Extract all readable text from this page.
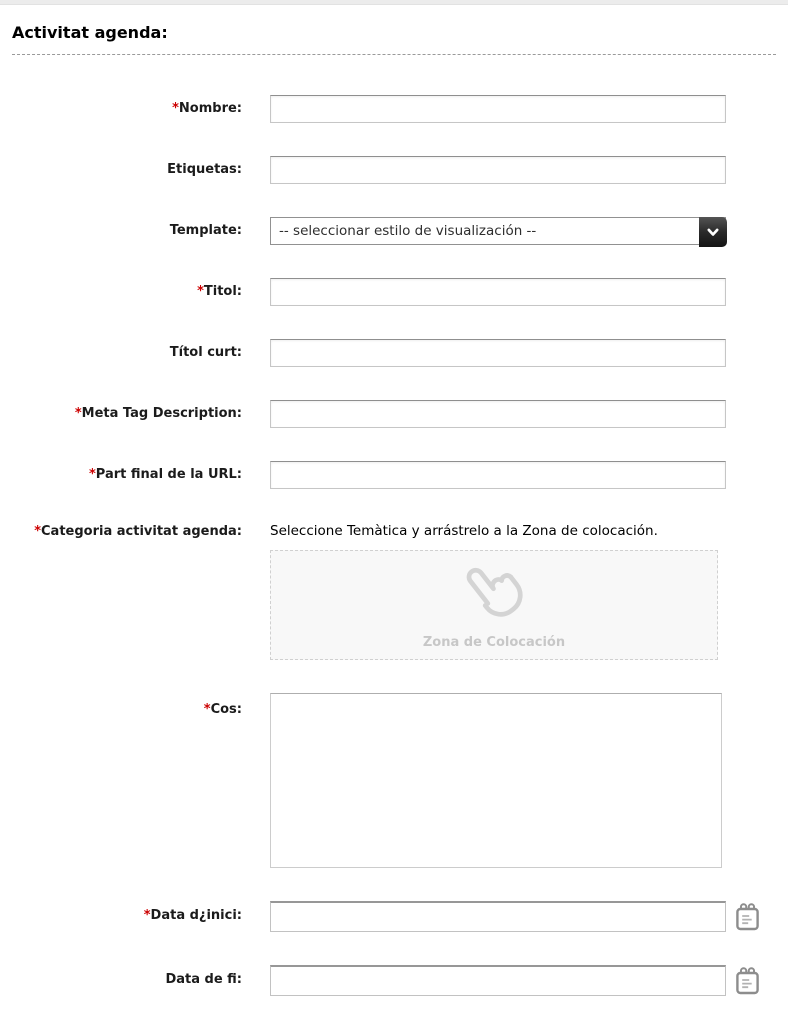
Activitat agenda:
*Nombre:
Etiquetas:
Template:	-- seleccionar estilo de visualización --
*Titol:
Títol curt:
*Meta Tag Description:
*Part final de la URL:
*Categoria activitat agenda: Seleccione Temàtica y arrástrelo a la Zona de colocación.
Zona de Colocación
*Cos:
*Data d¿inici:
Data de fi:
